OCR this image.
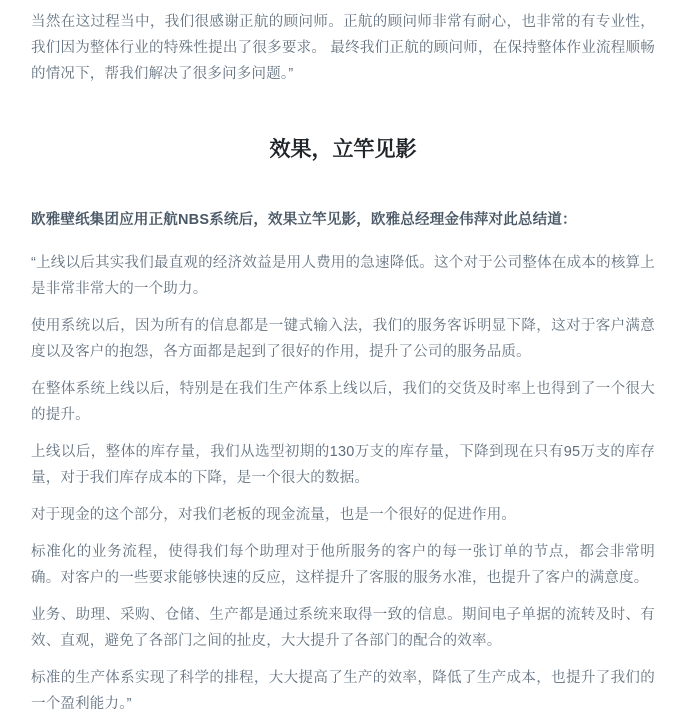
当然在这过程当中，我们很感谢正航的顾问师。正航的顾问师非常有耐心，也非常的有专业性，我们因为整体行业的特殊性提出了很多要求。 最终我们正航的顾问师，在保持整体作业流程顺畅的情况下，帮我们解决了很多问多问题。”

效果，立竿见影

欧雅壁纸集团应用正航NBS系统后，效果立竿见影，欧雅总经理金伟萍对此总结道：

“上线以后其实我们最直观的经济效益是用人费用的急速降低。这个对于公司整体在成本的核算上是非常非常大的一个助力。

使用系统以后，因为所有的信息都是一键式输入法，我们的服务客诉明显下降，这对于客户满意度以及客户的抱怨，各方面都是起到了很好的作用，提升了公司的服务品质。

在整体系统上线以后，特别是在我们生产体系上线以后，我们的交货及时率上也得到了一个很大的提升。

上线以后，整体的库存量，我们从选型初期的130万支的库存量，下降到现在只有95万支的库存量，对于我们库存成本的下降，是一个很大的数据。

对于现金的这个部分，对我们老板的现金流量，也是一个很好的促进作用。

标准化的业务流程，使得我们每个助理对于他所服务的客户的每一张订单的节点，都会非常明确。对客户的一些要求能够快速的反应，这样提升了客服的服务水准，也提升了客户的满意度。

业务、助理、采购、仓储、生产都是通过系统来取得一致的信息。期间电子单据的流转及时、有效、直观，避免了各部门之间的扯皮，大大提升了各部门的配合的效率。

标准的生产体系实现了科学的排程，大大提高了生产的效率，降低了生产成本，也提升了我们的一个盈利能力。”
